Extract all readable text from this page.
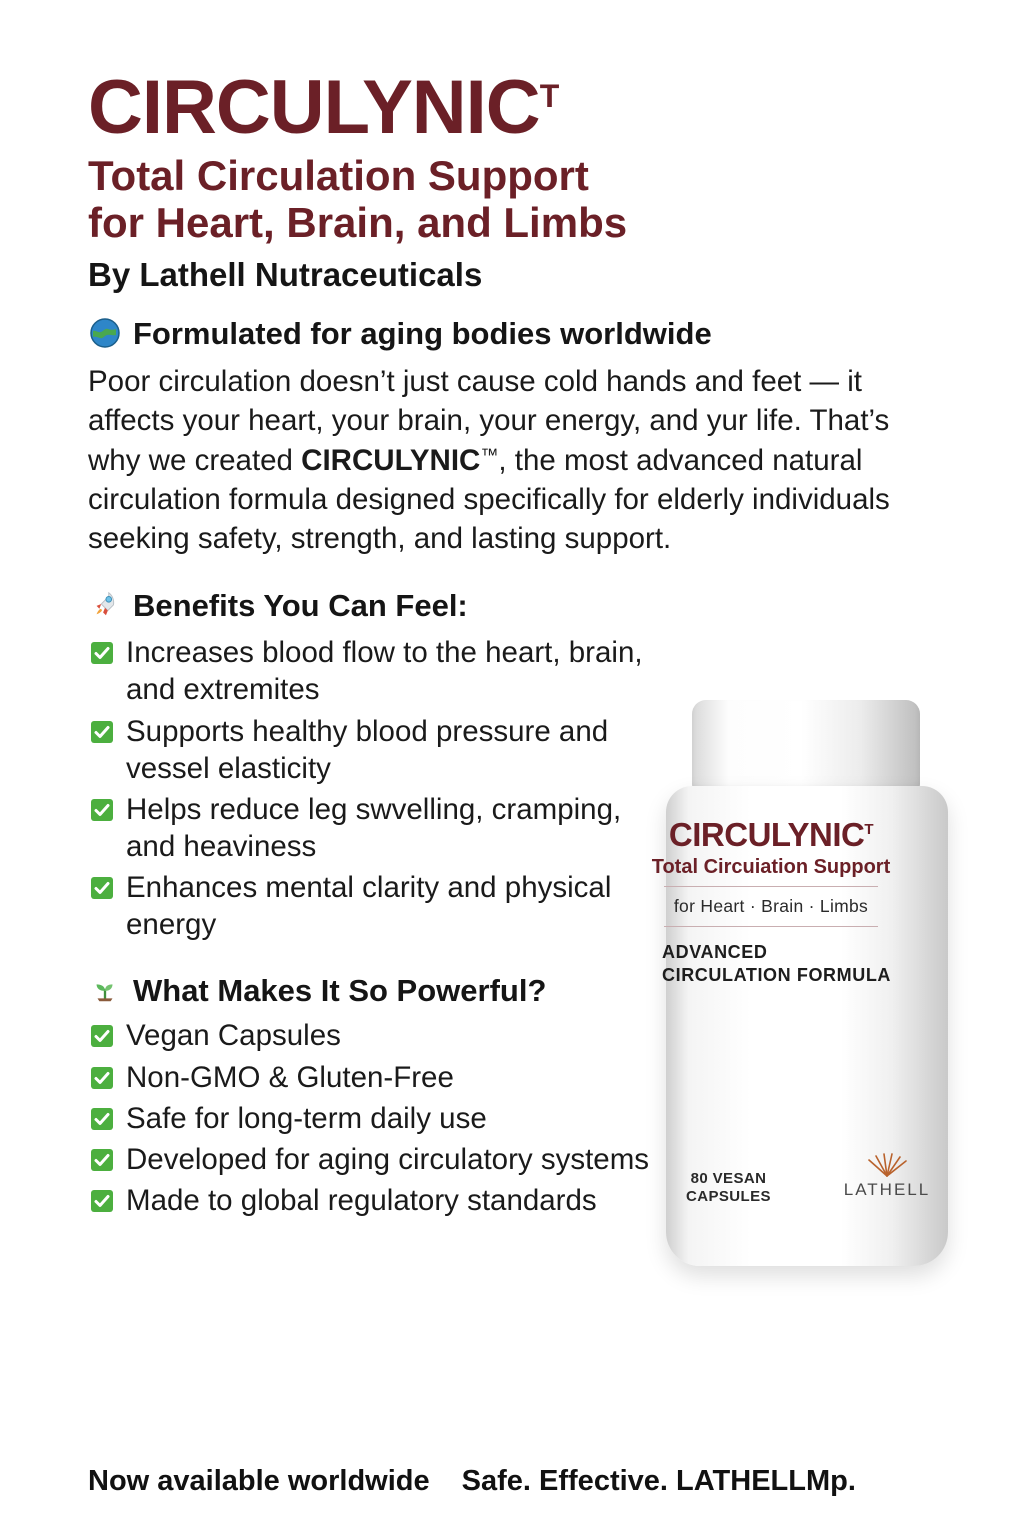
$CIRCULYNIC^T$
Total Circulation Support
for Heart, Brain, and Limbs
By Lathell Nutraceuticals
Formulated for aging bodies worldwide

Poor circulation doesn’t just cause cold hands and feet — it affects your heart, your brain, your energy, and yur life. That’s why we created CIRCULYNIC™, the most advanced natural circulation formula designed specifically for elderly individuals seeking safety, strength, and lasting support.

Benefits You Can Feel:
Increases blood flow to the heart, brain, and extremites
Supports healthy blood pressure and vessel elasticity
Helps reduce leg swvelling, cramping, and heaviness
Enhances mental clarity and physical energy
What Makes It So Powerful?
Vegan Capsules
Non-GMO & Gluten-Free
Safe for long-term daily use
Developed for aging circulatory systems
Made to global regulatory standards
$CIRCULYNIC^T$
Total Circuiation Support
for Heart · Brain · Limbs
ADVANCED
CIRCULATION FORMULA
80 VESAN
CAPSULES	LATHELL
Now available worldwide Safe. Effective. LATHELLMp.
